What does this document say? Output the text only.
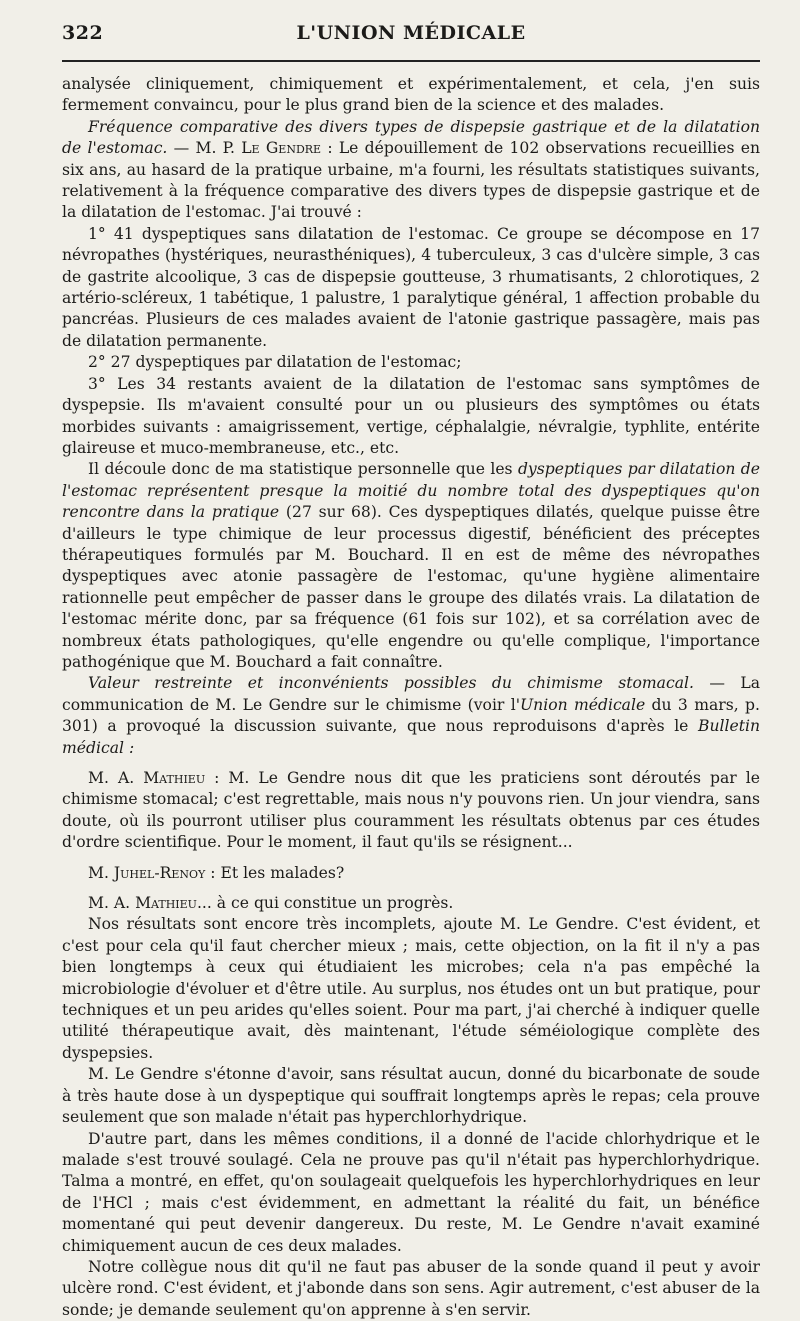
322	L'UNION MÉDICALE

analysée cliniquement, chimiquement et expérimentalement, et cela, j'en suis fermement convaincu, pour le plus grand bien de la science et des malades.

Fréquence comparative des divers types de dispepsie gastrique et de la dilatation de l'estomac. — M. P. Le Gendre : Le dépouillement de 102 observations recueillies en six ans, au hasard de la pratique urbaine, m'a fourni, les résultats statistiques suivants, relativement à la fréquence comparative des divers types de dispepsie gastrique et de la dilatation de l'estomac. J'ai trouvé :

1° 41 dyspeptiques sans dilatation de l'estomac. Ce groupe se décompose en 17 névropathes (hystériques, neurasthéniques), 4 tuberculeux, 3 cas d'ulcère simple, 3 cas de gastrite alcoolique, 3 cas de dispepsie goutteuse, 3 rhumatisants, 2 chlorotiques, 2 artério-scléreux, 1 tabétique, 1 palustre, 1 paralytique général, 1 affection probable du pancréas. Plusieurs de ces malades avaient de l'atonie gastrique passagère, mais pas de dilatation permanente.

2° 27 dyspeptiques par dilatation de l'estomac;

3° Les 34 restants avaient de la dilatation de l'estomac sans symptômes de dyspepsie. Ils m'avaient consulté pour un ou plusieurs des symptômes ou états morbides suivants : amaigrissement, vertige, céphalalgie, névralgie, typhlite, entérite glaireuse et muco-membraneuse, etc., etc.

Il découle donc de ma statistique personnelle que les dyspeptiques par dilatation de l'estomac représentent presque la moitié du nombre total des dyspeptiques qu'on rencontre dans la pratique (27 sur 68). Ces dyspeptiques dilatés, quelque puisse être d'ailleurs le type chimique de leur processus digestif, bénéficient des préceptes thérapeutiques formulés par M. Bouchard. Il en est de même des névropathes dyspeptiques avec atonie passagère de l'estomac, qu'une hygiène alimentaire rationnelle peut empêcher de passer dans le groupe des dilatés vrais. La dilatation de l'estomac mérite donc, par sa fréquence (61 fois sur 102), et sa corrélation avec de nombreux états pathologiques, qu'elle engendre ou qu'elle complique, l'importance pathogénique que M. Bouchard a fait connaître.

Valeur restreinte et inconvénients possibles du chimisme stomacal. — La communication de M. Le Gendre sur le chimisme (voir l'Union médicale du 3 mars, p. 301) a provoqué la discussion suivante, que nous reproduisons d'après le Bulletin médical :

M. A. Mathieu : M. Le Gendre nous dit que les praticiens sont déroutés par le chimisme stomacal; c'est regrettable, mais nous n'y pouvons rien. Un jour viendra, sans doute, où ils pourront utiliser plus couramment les résultats obtenus par ces études d'ordre scientifique. Pour le moment, il faut qu'ils se résignent...

M. Juhel-Renoy : Et les malades?

M. A. Mathieu... à ce qui constitue un progrès.

Nos résultats sont encore très incomplets, ajoute M. Le Gendre. C'est évident, et c'est pour cela qu'il faut chercher mieux ; mais, cette objection, on la fit il n'y a pas bien longtemps à ceux qui étudiaient les microbes; cela n'a pas empêché la microbiologie d'évoluer et d'être utile. Au surplus, nos études ont un but pratique, pour techniques et un peu arides qu'elles soient. Pour ma part, j'ai cherché à indiquer quelle utilité thérapeutique avait, dès maintenant, l'étude séméiologique complète des dyspepsies.

M. Le Gendre s'étonne d'avoir, sans résultat aucun, donné du bicarbonate de soude à très haute dose à un dyspeptique qui souffrait longtemps après le repas; cela prouve seulement que son malade n'était pas hyperchlorhydrique.

D'autre part, dans les mêmes conditions, il a donné de l'acide chlorhydrique et le malade s'est trouvé soulagé. Cela ne prouve pas qu'il n'était pas hyperchlorhydrique. Talma a montré, en effet, qu'on soulageait quelquefois les hyperchlorhydriques en leur de l'HCl ; mais c'est évidemment, en admettant la réalité du fait, un bénéfice momentané qui peut devenir dangereux. Du reste, M. Le Gendre n'avait examiné chimiquement aucun de ces deux malades.

Notre collègue nous dit qu'il ne faut pas abuser de la sonde quand il peut y avoir ulcère rond. C'est évident, et j'abonde dans son sens. Agir autrement, c'est abuser de la sonde; je demande seulement qu'on apprenne à s'en servir.
